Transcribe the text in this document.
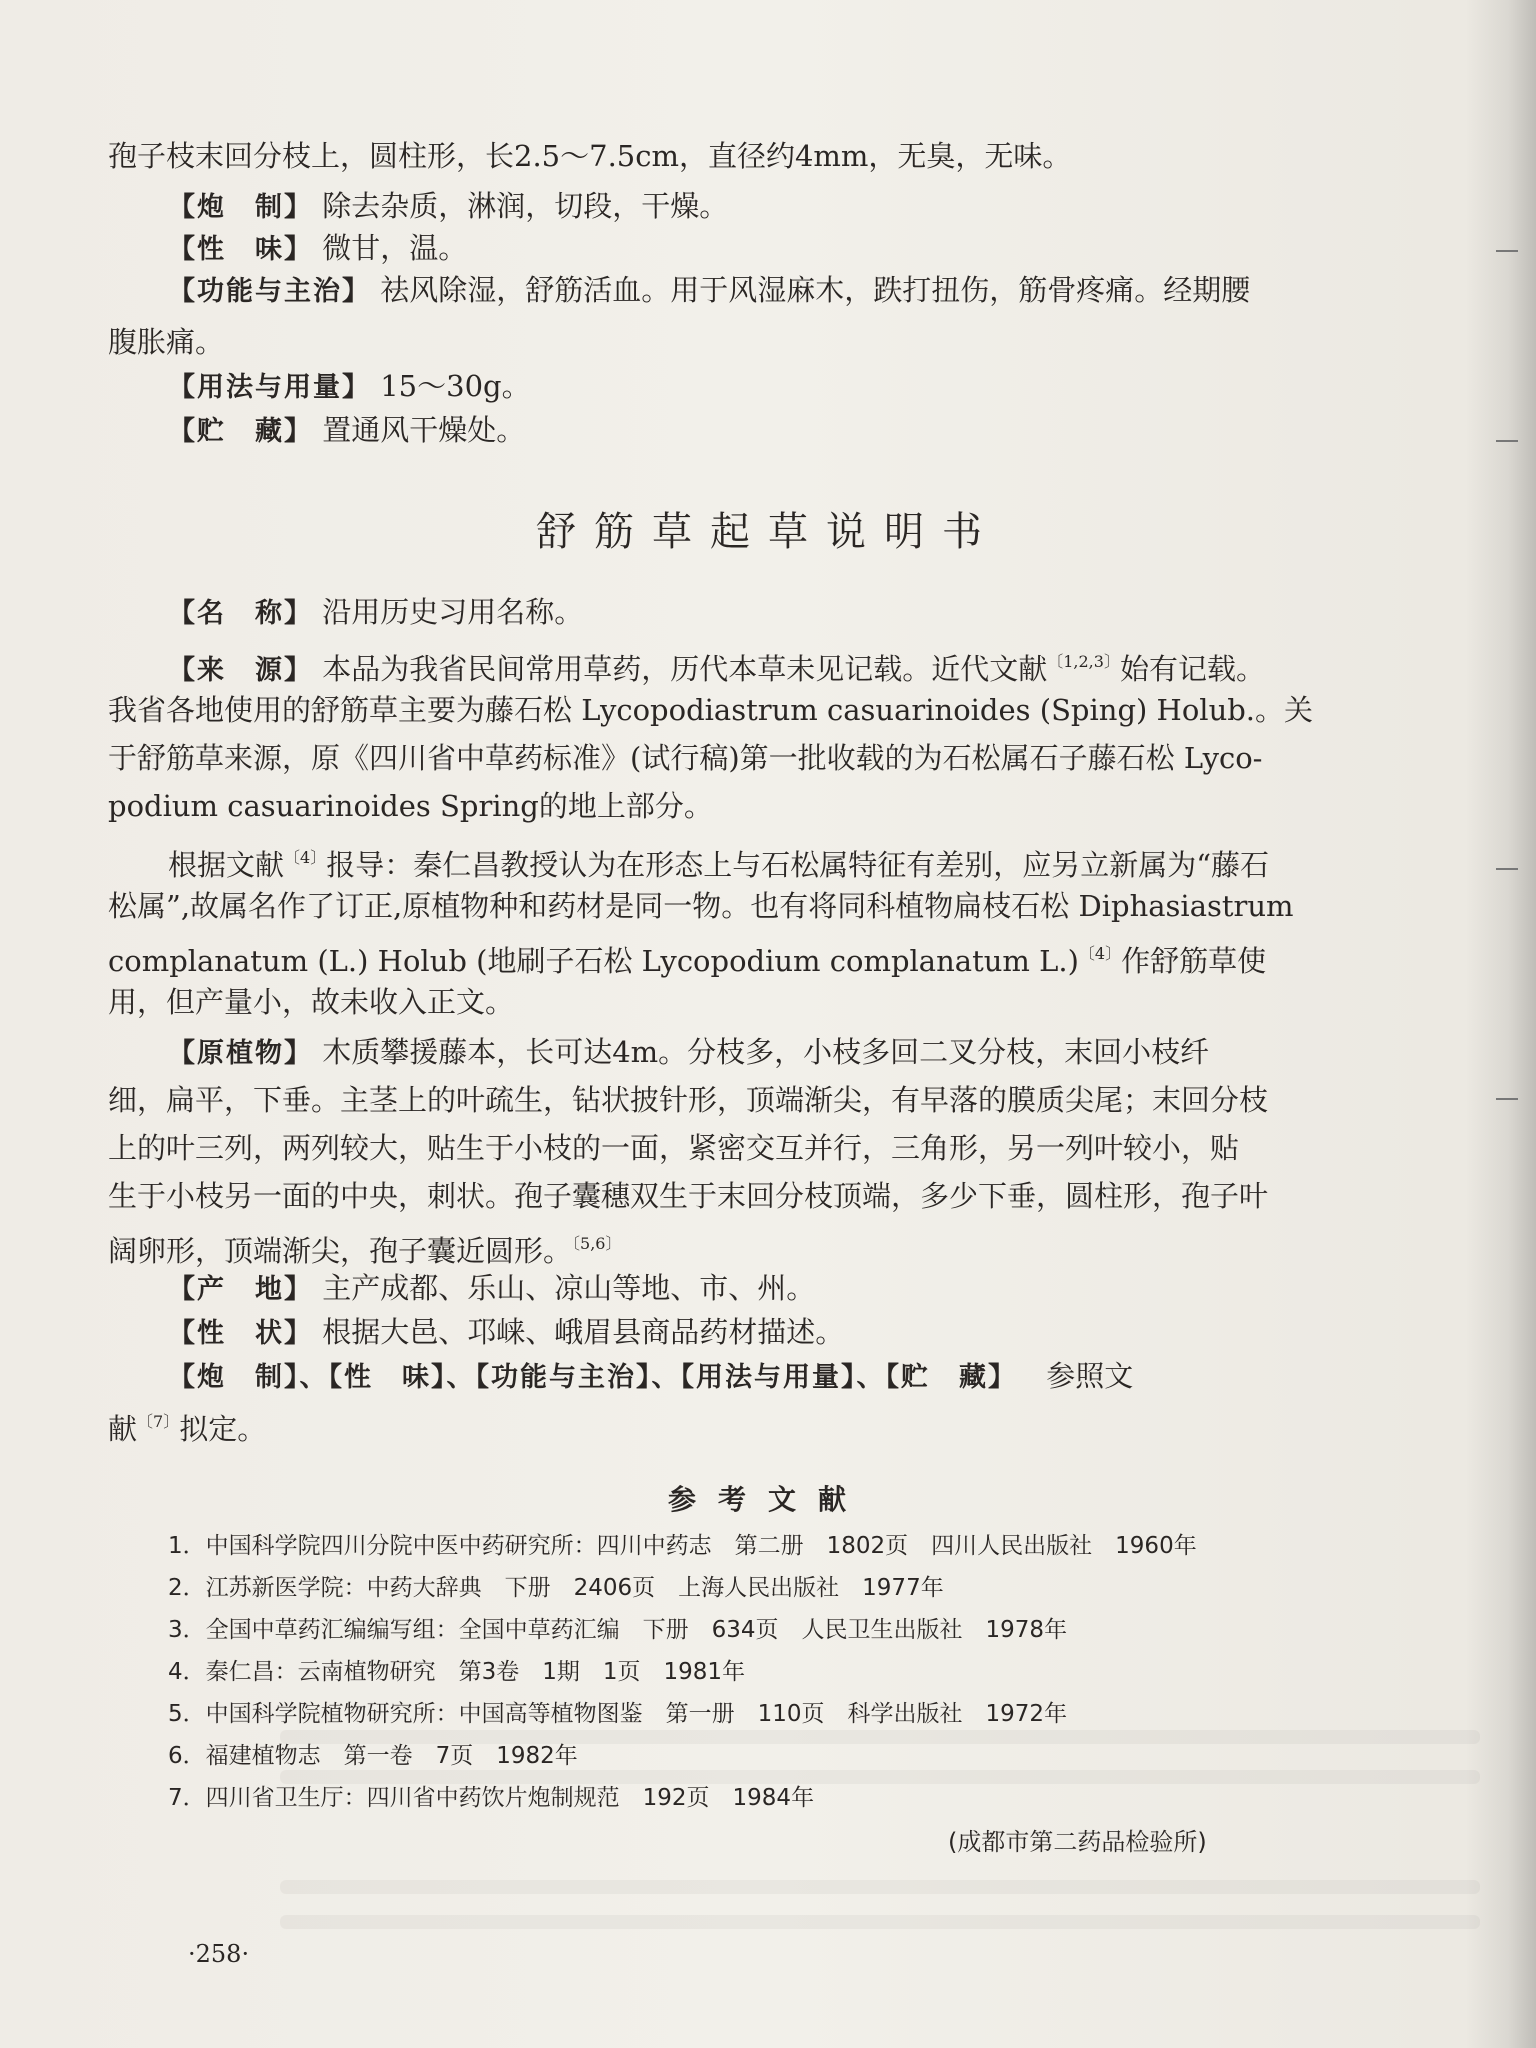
孢子枝末回分枝上，圆柱形，长2.5～7.5cm，直径约4mm，无臭，无味。
【炮　制】 除去杂质，淋润，切段，干燥。
【性　味】 微甘，温。
【功能与主治】 祛风除湿，舒筋活血。用于风湿麻木，跌打扭伤，筋骨疼痛。经期腰
腹胀痛。
【用法与用量】 15～30g。
【贮　藏】 置通风干燥处。
舒筋草起草说明书
【名　称】 沿用历史习用名称。
【来　源】 本品为我省民间常用草药，历代本草未见记载。近代文献$^{〔1,2,3〕}$始有记载。
我省各地使用的舒筋草主要为藤石松 Lycopodiastrum casuarinoides (Sping) Holub.。关
于舒筋草来源，原《四川省中草药标准》(试行稿)第一批收载的为石松属石子藤石松 Lyco-
podium casuarinoides Spring的地上部分。
根据文献$^{〔4〕}$报导：秦仁昌教授认为在形态上与石松属特征有差别，应另立新属为“藤石
松属”,故属名作了订正,原植物种和药材是同一物。也有将同科植物扁枝石松 Diphasiastrum
complanatum (L.) Holub (地刷子石松 Lycopodium complanatum L.)$^{〔4〕}$作舒筋草使
用，但产量小，故未收入正文。
【原植物】 木质攀援藤本，长可达4m。分枝多，小枝多回二叉分枝，末回小枝纤
细，扁平，下垂。主茎上的叶疏生，钻状披针形，顶端渐尖，有早落的膜质尖尾；末回分枝
上的叶三列，两列较大，贴生于小枝的一面，紧密交互并行，三角形，另一列叶较小，贴
生于小枝另一面的中央，刺状。孢子囊穗双生于末回分枝顶端，多少下垂，圆柱形，孢子叶
阔卵形，顶端渐尖，孢子囊近圆形。$^{〔5,6〕}$
【产　地】 主产成都、乐山、凉山等地、市、州。
【性　状】 根据大邑、邛崃、峨眉县商品药材描述。
【炮　制】、【性　味】、【功能与主治】、【用法与用量】、【贮　藏】 参照文
献$^{〔7〕}$拟定。
参考文献
1．中国科学院四川分院中医中药研究所：四川中药志　第二册　1802页　四川人民出版社　1960年
2．江苏新医学院：中药大辞典　下册　2406页　上海人民出版社　1977年
3．全国中草药汇编编写组：全国中草药汇编　下册　634页　人民卫生出版社　1978年
4．秦仁昌：云南植物研究　第3卷　1期　1页　1981年
5．中国科学院植物研究所：中国高等植物图鉴　第一册　110页　科学出版社　1972年
6．福建植物志　第一卷　7页　1982年
7．四川省卫生厅：四川省中药饮片炮制规范　192页　1984年
(成都市第二药品检验所)
·258·
